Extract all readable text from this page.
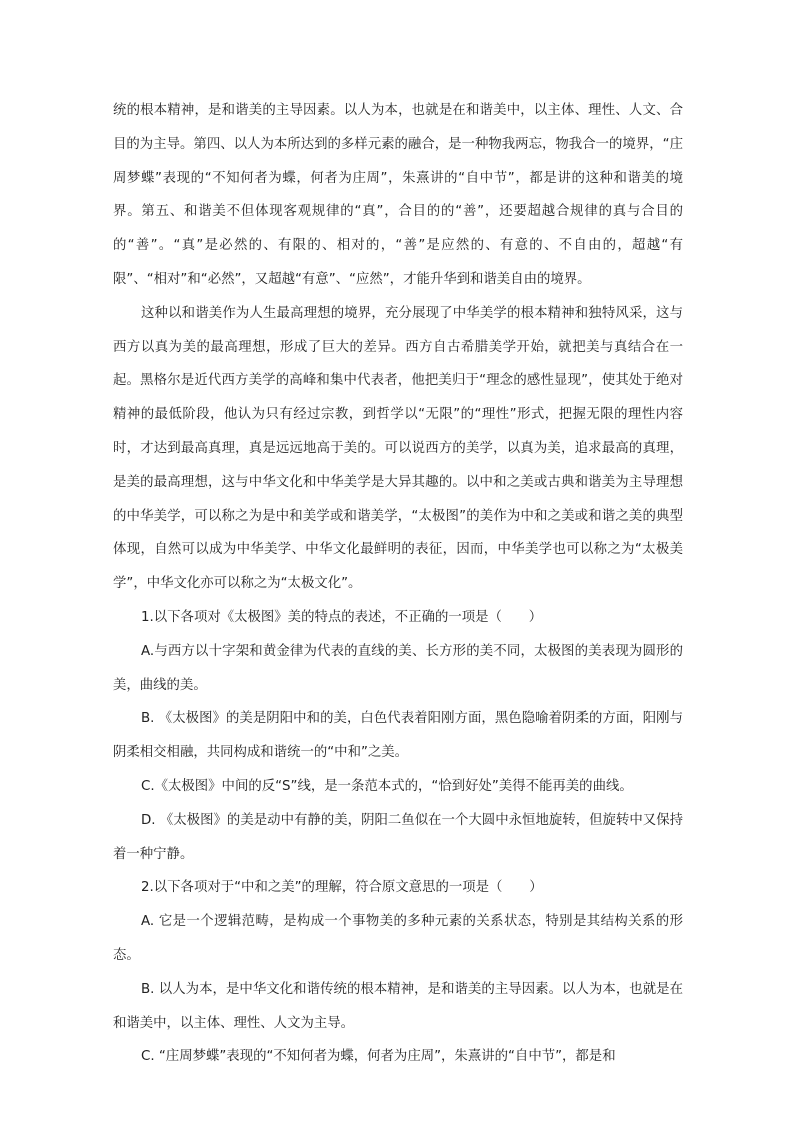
统的根本精神，是和谐美的主导因素。以人为本，也就是在和谐美中，以主体、理性、人文、合目的为主导。第四、以人为本所达到的多样元素的融合，是一种物我两忘，物我合一的境界，“庄周梦蝶”表现的“不知何者为蝶，何者为庄周”，朱熹讲的“自中节”，都是讲的这种和谐美的境界。第五、和谐美不但体现客观规律的“真”，合目的的“善”，还要超越合规律的真与合目的的“善”。“真”是必然的、有限的、相对的，“善”是应然的、有意的、不自由的，超越“有限”、“相对”和“必然”，又超越“有意”、“应然”，才能升华到和谐美自由的境界。

这种以和谐美作为人生最高理想的境界，充分展现了中华美学的根本精神和独特风采，这与西方以真为美的最高理想，形成了巨大的差异。西方自古希腊美学开始，就把美与真结合在一起。黑格尔是近代西方美学的高峰和集中代表者，他把美归于“理念的感性显现”，使其处于绝对精神的最低阶段，他认为只有经过宗教，到哲学以“无限”的“理性”形式，把握无限的理性内容时，才达到最高真理，真是远远地高于美的。可以说西方的美学，以真为美，追求最高的真理，是美的最高理想，这与中华文化和中华美学是大异其趣的。以中和之美或古典和谐美为主导理想的中华美学，可以称之为是中和美学或和谐美学，“太极图”的美作为中和之美或和谐之美的典型体现，自然可以成为中华美学、中华文化最鲜明的表征，因而，中华美学也可以称之为“太极美学”，中华文化亦可以称之为“太极文化”。

1.以下各项对《太极图》美的特点的表述，不正确的一项是（　　）

A.与西方以十字架和黄金律为代表的直线的美、长方形的美不同，太极图的美表现为圆形的美，曲线的美。

B. 《太极图》的美是阴阳中和的美，白色代表着阳刚方面，黑色隐喻着阴柔的方面，阳刚与阴柔相交相融，共同构成和谐统一的“中和”之美。

C.《太极图》中间的反“S”线，是一条范本式的，“恰到好处”美得不能再美的曲线。

D. 《太极图》的美是动中有静的美，阴阳二鱼似在一个大圆中永恒地旋转，但旋转中又保持着一种宁静。

2.以下各项对于“中和之美”的理解，符合原文意思的一项是（　　）

A. 它是一个逻辑范畴，是构成一个事物美的多种元素的关系状态，特别是其结构关系的形态。

B. 以人为本，是中华文化和谐传统的根本精神，是和谐美的主导因素。以人为本，也就是在和谐美中，以主体、理性、人文为主导。

C. “庄周梦蝶”表现的“不知何者为蝶，何者为庄周”，朱熹讲的“自中节”，都是和
